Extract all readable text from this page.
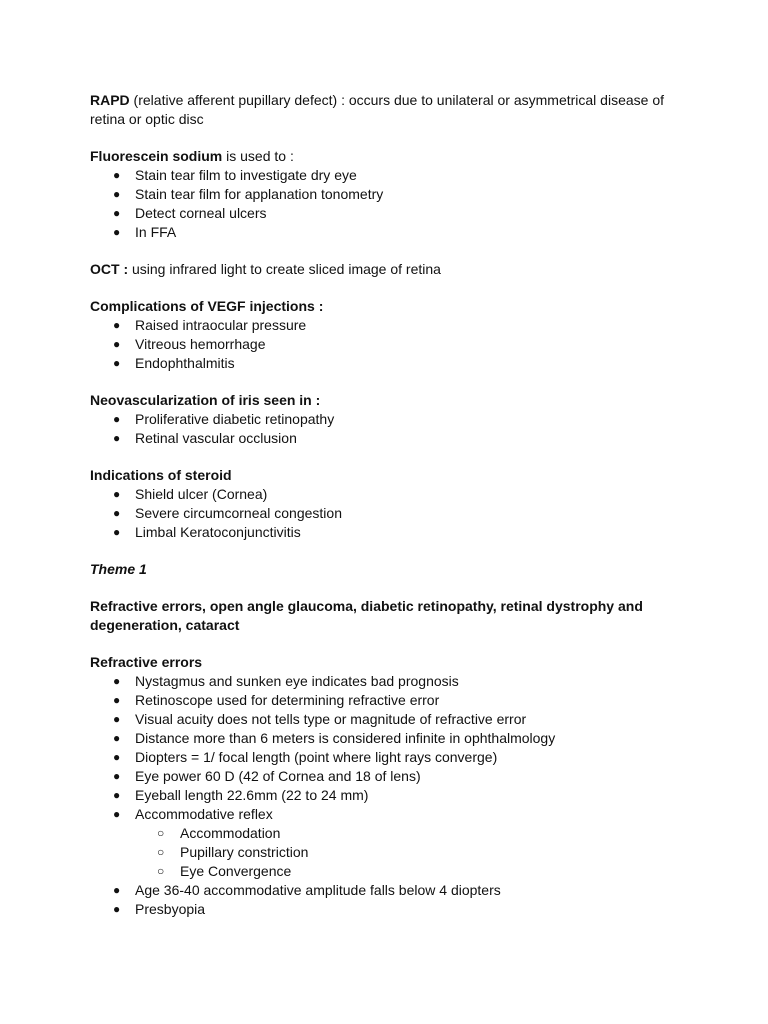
RAPD (relative afferent pupillary defect) : occurs due to unilateral or asymmetrical disease of retina or optic disc

Fluorescein sodium is used to :

● Stain tear film to investigate dry eye
● Stain tear film for applanation tonometry
● Detect corneal ulcers
● In FFA

OCT : using infrared light to create sliced image of retina

Complications of VEGF injections :

● Raised intraocular pressure
● Vitreous hemorrhage
● Endophthalmitis

Neovascularization of iris seen in :

● Proliferative diabetic retinopathy
● Retinal vascular occlusion

Indications of steroid

● Shield ulcer (Cornea)
● Severe circumcorneal congestion
● Limbal Keratoconjunctivitis

Theme 1

Refractive errors, open angle glaucoma, diabetic retinopathy, retinal dystrophy and degeneration, cataract

Refractive errors

● Nystagmus and sunken eye indicates bad prognosis
● Retinoscope used for determining refractive error
● Visual acuity does not tells type or magnitude of refractive error
● Distance more than 6 meters is considered infinite in ophthalmology
● Diopters = 1/ focal length (point where light rays converge)
● Eye power 60 D (42 of Cornea and 18 of lens)
● Eyeball length 22.6mm (22 to 24 mm)
● Accommodative reflex
○ Accommodation
○ Pupillary constriction
○ Eye Convergence
● Age 36-40 accommodative amplitude falls below 4 diopters
● Presbyopia
